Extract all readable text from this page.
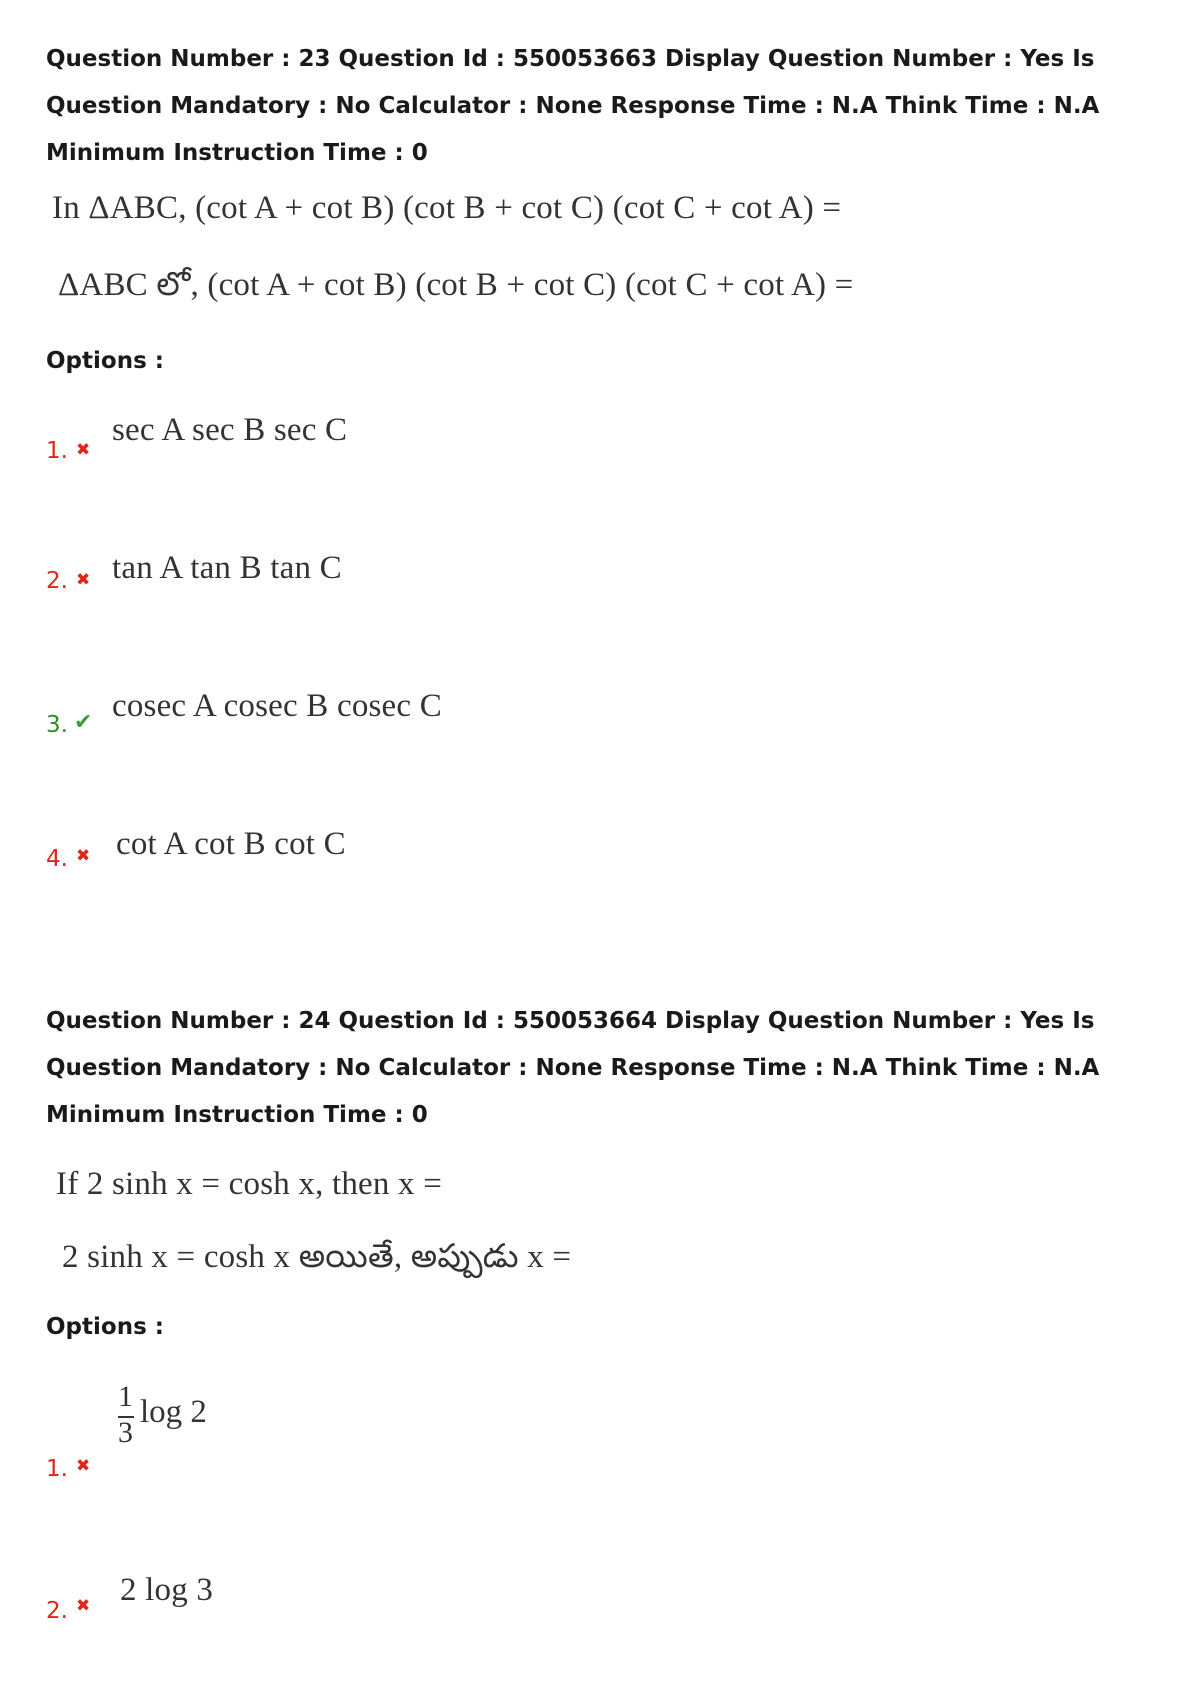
Question Number : 23 Question Id : 550053663 Display Question Number : Yes Is Question Mandatory : No Calculator : None Response Time : N.A Think Time : N.A Minimum Instruction Time : 0
In ΔABC, (cot A + cot B) (cot B + cot C) (cot C + cot A) =
ΔABC లో, (cot A + cot B) (cot B + cot C) (cot C + cot A) =
Options :
1. ✖
sec A sec B sec C
2. ✖ tan A tan B tan C
3. ✔ cosec A cosec B cosec C
4. ✖ cot A cot B cot C
Question Number : 24 Question Id : 550053664 Display Question Number : Yes Is Question Mandatory : No Calculator : None Response Time : N.A Think Time : N.A Minimum Instruction Time : 0
If 2 sinh x = cosh x, then x =
2 sinh x = cosh x అయితే, అప్పుడు x =
Options :
1. ✖
1
3
log 2
2. ✖ 2 log 3
